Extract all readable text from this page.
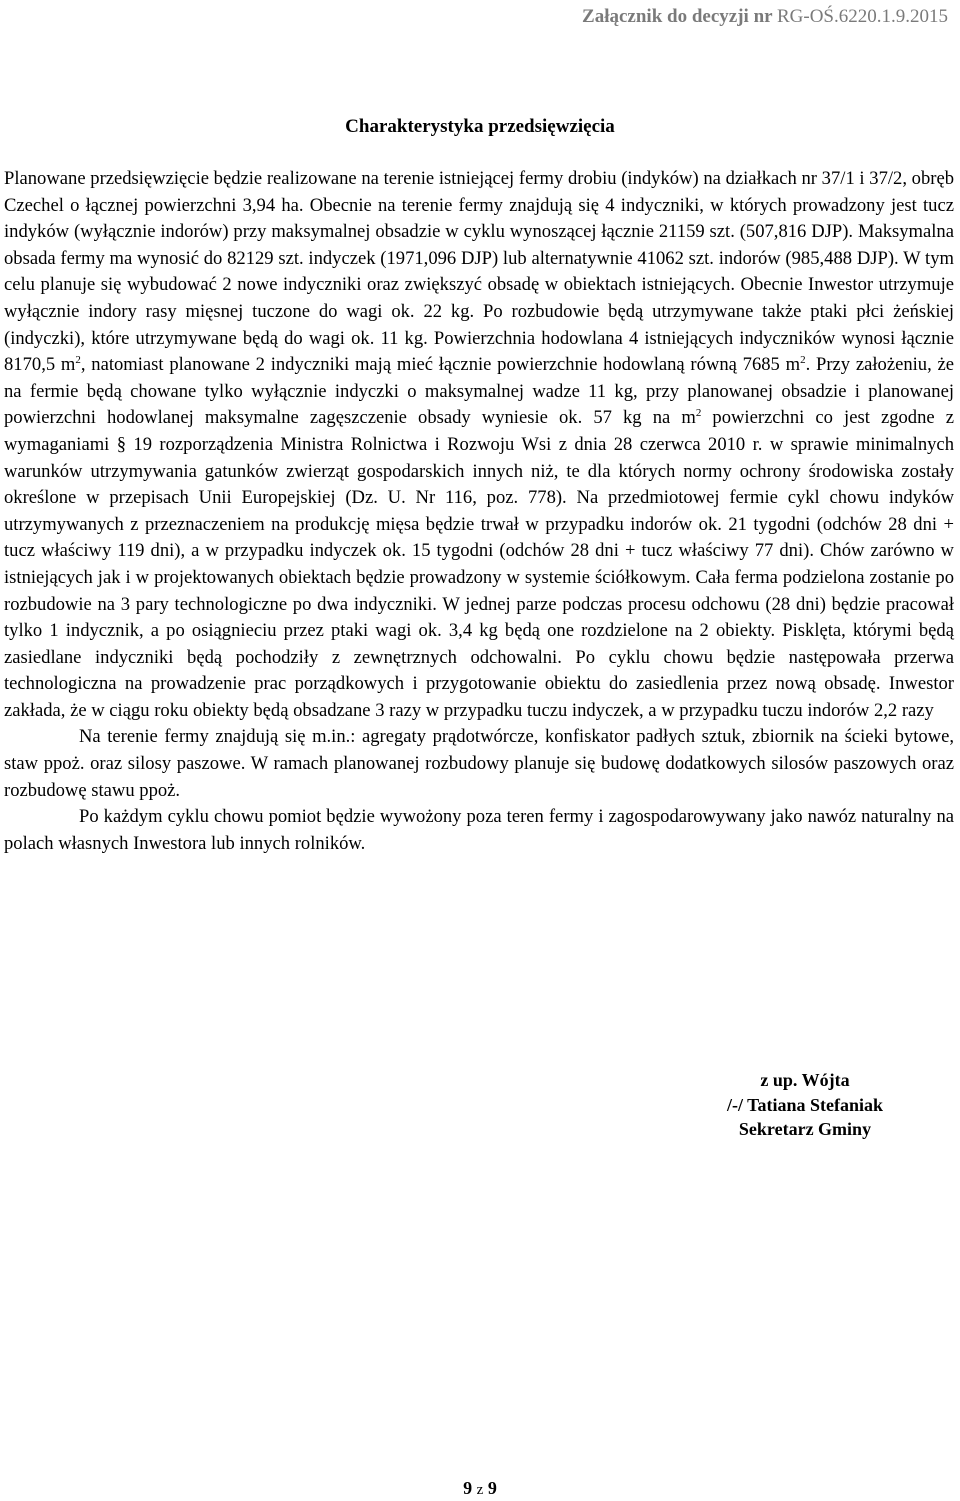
Załącznik do decyzji nr RG-OŚ.6220.1.9.2015
Charakterystyka przedsięwzięcia

Planowane przedsięwzięcie będzie realizowane na terenie istniejącej fermy drobiu (indyków) na działkach nr 37/1 i 37/2, obręb Czechel o łącznej powierzchni 3,94 ha. Obecnie na terenie fermy znajdują się 4 indyczniki, w których prowadzony jest tucz indyków (wyłącznie indorów) przy maksymalnej obsadzie w cyklu wynoszącej łącznie 21159 szt. (507,816 DJP). Maksymalna obsada fermy ma wynosić do 82129 szt. indyczek (1971,096 DJP) lub alternatywnie 41062 szt. indorów (985,488 DJP). W tym celu planuje się wybudować 2 nowe indyczniki oraz zwiększyć obsadę w obiektach istniejących. Obecnie Inwestor utrzymuje wyłącznie indory rasy mięsnej tuczone do wagi ok. 22 kg. Po rozbudowie będą utrzymywane także ptaki płci żeńskiej (indyczki), które utrzymywane będą do wagi ok. 11 kg. Powierzchnia hodowlana 4 istniejących indyczników wynosi łącznie 8170,5 $m^2$, natomiast planowane 2 indyczniki mają mieć łącznie powierzchnie hodowlaną równą 7685 $m^2$. Przy założeniu, że na fermie będą chowane tylko wyłącznie indyczki o maksymalnej wadze 11 kg, przy planowanej obsadzie i planowanej powierzchni hodowlanej maksymalne zagęszczenie obsady wyniesie ok. 57 kg na $m^2$ powierzchni co jest zgodne z wymaganiami § 19 rozporządzenia Ministra Rolnictwa i Rozwoju Wsi z dnia 28 czerwca 2010 r. w sprawie minimalnych warunków utrzymywania gatunków zwierząt gospodarskich innych niż, te dla których normy ochrony środowiska zostały określone w przepisach Unii Europejskiej (Dz. U. Nr 116, poz. 778). Na przedmiotowej fermie cykl chowu indyków utrzymywanych z przeznaczeniem na produkcję mięsa będzie trwał w przypadku indorów ok. 21 tygodni (odchów 28 dni + tucz właściwy 119 dni), a w przypadku indyczek ok. 15 tygodni (odchów 28 dni + tucz właściwy 77 dni). Chów zarówno w istniejących jak i w projektowanych obiektach będzie prowadzony w systemie ściółkowym. Cała ferma podzielona zostanie po rozbudowie na 3 pary technologiczne po dwa indyczniki. W jednej parze podczas procesu odchowu (28 dni) będzie pracował tylko 1 indycznik, a po osiągnieciu przez ptaki wagi ok. 3,4 kg będą one rozdzielone na 2 obiekty. Pisklęta, którymi będą zasiedlane indyczniki będą pochodziły z zewnętrznych odchowalni. Po cyklu chowu będzie następowała przerwa technologiczna na prowadzenie prac porządkowych i przygotowanie obiektu do zasiedlenia przez nową obsadę. Inwestor zakłada, że w ciągu roku obiekty będą obsadzane 3 razy w przypadku tuczu indyczek, a w przypadku tuczu indorów 2,2 razy

Na terenie fermy znajdują się m.in.: agregaty prądotwórcze, konfiskator padłych sztuk, zbiornik na ścieki bytowe, staw ppoż. oraz silosy paszowe. W ramach planowanej rozbudowy planuje się budowę dodatkowych silosów paszowych oraz rozbudowę stawu ppoż.

Po każdym cyklu chowu pomiot będzie wywożony poza teren fermy i zagospodarowywany jako nawóz naturalny na polach własnych Inwestora lub innych rolników.

z up. Wójta
/-/ Tatiana Stefaniak
Sekretarz Gminy
9 z 9
